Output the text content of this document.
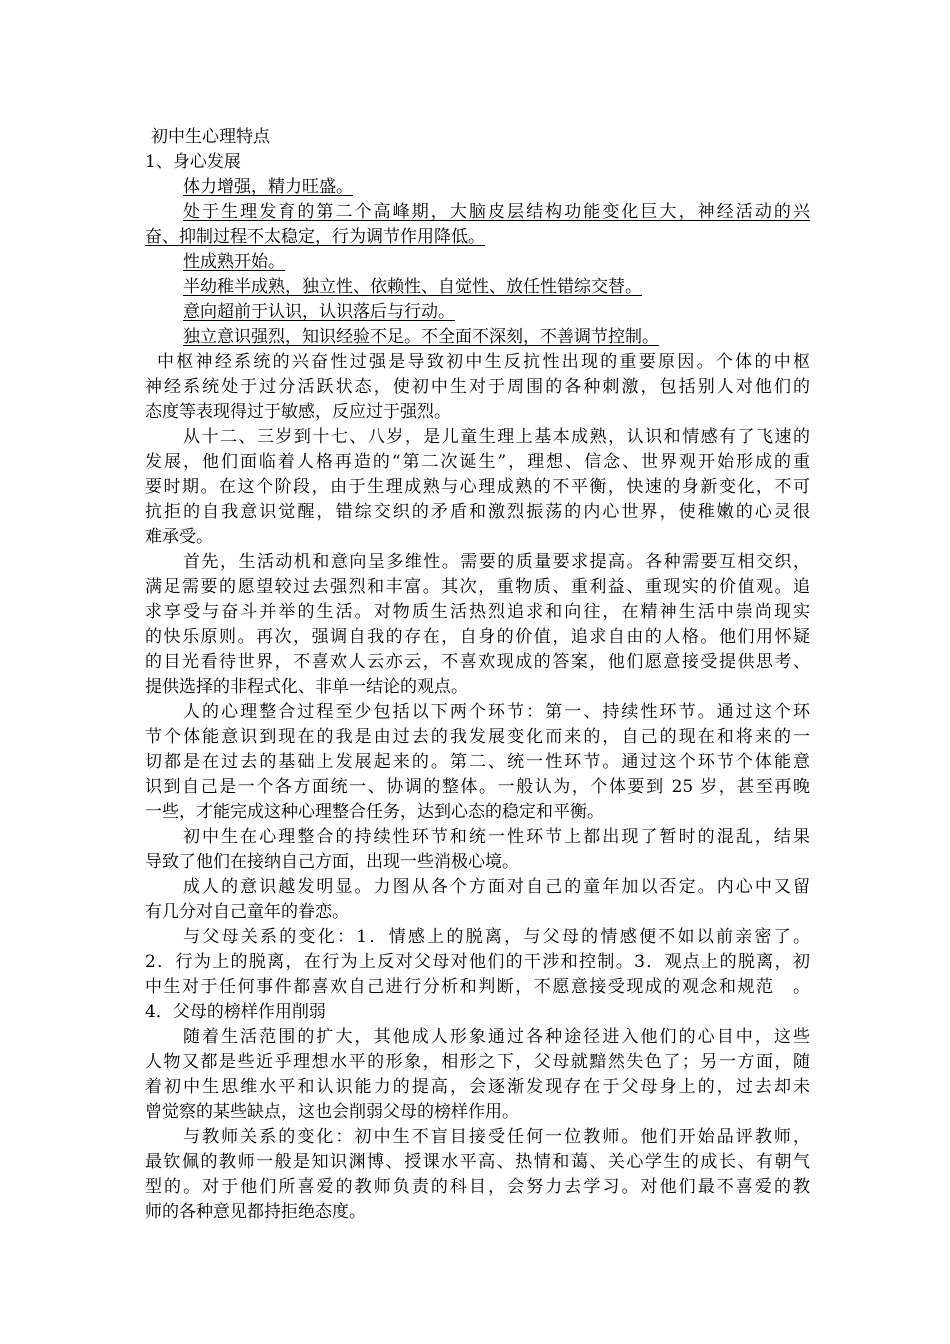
初中生心理特点
1、身心发展
体力增强，精力旺盛。
处于生理发育的第二个高峰期，大脑皮层结构功能变化巨大，神经活动的兴
奋、抑制过程不太稳定，行为调节作用降低。
性成熟开始。
半幼稚半成熟，独立性、依赖性、自觉性、放任性错综交替。
意向超前于认识，认识落后与行动。
独立意识强烈，知识经验不足。不全面不深刻，不善调节控制。
中枢神经系统的兴奋性过强是导致初中生反抗性出现的重要原因。个体的中枢
神经系统处于过分活跃状态，使初中生对于周围的各种刺激，包括别人对他们的
态度等表现得过于敏感，反应过于强烈。
从十二、三岁到十七、八岁，是儿童生理上基本成熟，认识和情感有了飞速的
发展，他们面临着人格再造的“第二次诞生”，理想、信念、世界观开始形成的重
要时期。在这个阶段，由于生理成熟与心理成熟的不平衡，快速的身新变化，不可
抗拒的自我意识觉醒，错综交织的矛盾和激烈振荡的内心世界，使稚嫩的心灵很
难承受。
首先，生活动机和意向呈多维性。需要的质量要求提高。各种需要互相交织，
满足需要的愿望较过去强烈和丰富。其次，重物质、重利益、重现实的价值观。追
求享受与奋斗并举的生活。对物质生活热烈追求和向往，在精神生活中崇尚现实
的快乐原则。再次，强调自我的存在，自身的价值，追求自由的人格。他们用怀疑
的目光看待世界，不喜欢人云亦云，不喜欢现成的答案，他们愿意接受提供思考、
提供选择的非程式化、非单一结论的观点。
人的心理整合过程至少包括以下两个环节：第一、持续性环节。通过这个环
节个体能意识到现在的我是由过去的我发展变化而来的，自己的现在和将来的一
切都是在过去的基础上发展起来的。第二、统一性环节。通过这个环节个体能意
识到自己是一个各方面统一、协调的整体。一般认为，个体要到 25 岁，甚至再晚
一些，才能完成这种心理整合任务，达到心态的稳定和平衡。
初中生在心理整合的持续性环节和统一性环节上都出现了暂时的混乱，结果
导致了他们在接纳自己方面，出现一些消极心境。
成人的意识越发明显。力图从各个方面对自己的童年加以否定。内心中又留
有几分对自己童年的眷恋。
与父母关系的变化：1．情感上的脱离，与父母的情感便不如以前亲密了。
2．行为上的脱离，在行为上反对父母对他们的干涉和控制。3．观点上的脱离，初
中生对于任何事件都喜欢自己进行分析和判断，不愿意接受现成的观念和规范　。
4．父母的榜样作用削弱
随着生活范围的扩大，其他成人形象通过各种途径进入他们的心目中，这些
人物又都是些近乎理想水平的形象，相形之下，父母就黯然失色了；另一方面，随
着初中生思维水平和认识能力的提高，会逐渐发现存在于父母身上的，过去却未
曾觉察的某些缺点，这也会削弱父母的榜样作用。
与教师关系的变化：初中生不盲目接受任何一位教师。他们开始品评教师，
最钦佩的教师一般是知识渊博、授课水平高、热情和蔼、关心学生的成长、有朝气
型的。对于他们所喜爱的教师负责的科目，会努力去学习。对他们最不喜爱的教
师的各种意见都持拒绝态度。
